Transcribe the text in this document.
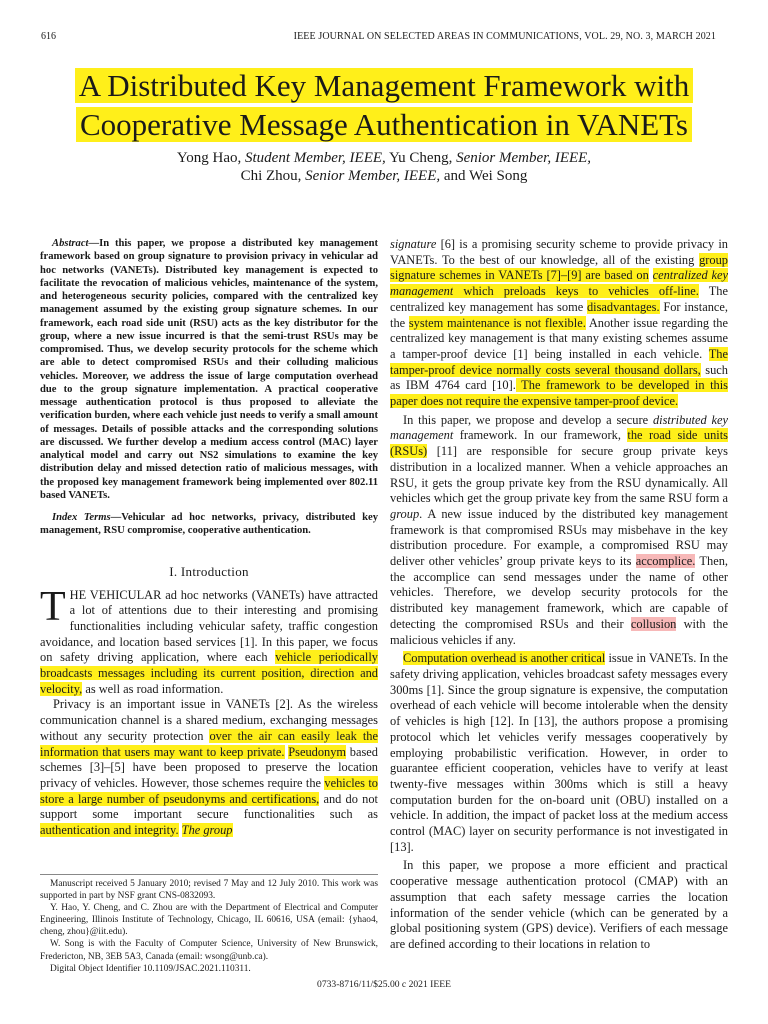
616	IEEE JOURNAL ON SELECTED AREAS IN COMMUNICATIONS, VOL. 29, NO. 3, MARCH 2021
A Distributed Key Management Framework with
Cooperative Message Authentication in VANETs
Yong Hao, Student Member, IEEE, Yu Cheng, Senior Member, IEEE,
Chi Zhou, Senior Member, IEEE, and Wei Song

Abstract—In this paper, we propose a distributed key management framework based on group signature to provision privacy in vehicular ad hoc networks (VANETs). Distributed key management is expected to facilitate the revocation of malicious vehicles, maintenance of the system, and heterogeneous security policies, compared with the centralized key management assumed by the existing group signature schemes. In our framework, each road side unit (RSU) acts as the key distributor for the group, where a new issue incurred is that the semi-trust RSUs may be compromised. Thus, we develop security protocols for the scheme which are able to detect compromised RSUs and their colluding malicious vehicles. Moreover, we address the issue of large computation overhead due to the group signature implementation. A practical cooperative message authentication protocol is thus proposed to alleviate the verification burden, where each vehicle just needs to verify a small amount of messages. Details of possible attacks and the corresponding solutions are discussed. We further develop a medium access control (MAC) layer analytical model and carry out NS2 simulations to examine the key distribution delay and missed detection ratio of malicious messages, with the proposed key management framework being implemented over 802.11 based VANETs.

Index Terms—Vehicular ad hoc networks, privacy, distributed key management, RSU compromise, cooperative authentication.

I. Introduction

THE VEHICULAR ad hoc networks (VANETs) have attracted a lot of attentions due to their interesting and promising functionalities including vehicular safety, traffic congestion avoidance, and location based services [1]. In this paper, we focus on safety driving application, where each vehicle periodically broadcasts messages including its current position, direction and velocity, as well as road information.

Privacy is an important issue in VANETs [2]. As the wireless communication channel is a shared medium, exchanging messages without any security protection over the air can easily leak the information that users may want to keep private. Pseudonym based schemes [3]–[5] have been proposed to preserve the location privacy of vehicles. However, those schemes require the vehicles to store a large number of pseudonyms and certifications, and do not support some important secure functionalities such as authentication and integrity. The group

Manuscript received 5 January 2010; revised 7 May and 12 July 2010. This work was supported in part by NSF grant CNS-0832093.

Y. Hao, Y. Cheng, and C. Zhou are with the Department of Electrical and Computer Engineering, Illinois Institute of Technology, Chicago, IL 60616, USA (email: {yhao4, cheng, zhou}@iit.edu).

W. Song is with the Faculty of Computer Science, University of New Brunswick, Fredericton, NB, 3EB 5A3, Canada (email: wsong@unb.ca).

Digital Object Identifier 10.1109/JSAC.2021.110311.

signature [6] is a promising security scheme to provide privacy in VANETs. To the best of our knowledge, all of the existing group signature schemes in VANETs [7]–[9] are based on centralized key management which preloads keys to vehicles off-line. The centralized key management has some disadvantages. For instance, the system maintenance is not flexible. Another issue regarding the centralized key management is that many existing schemes assume a tamper-proof device [1] being installed in each vehicle. The tamper-proof device normally costs several thousand dollars, such as IBM 4764 card [10]. The framework to be developed in this paper does not require the expensive tamper-proof device.

In this paper, we propose and develop a secure distributed key management framework. In our framework, the road side units (RSUs) [11] are responsible for secure group private keys distribution in a localized manner. When a vehicle approaches an RSU, it gets the group private key from the RSU dynamically. All vehicles which get the group private key from the same RSU form a group. A new issue induced by the distributed key management framework is that compromised RSUs may misbehave in the key distribution procedure. For example, a compromised RSU may deliver other vehicles’ group private keys to its accomplice. Then, the accomplice can send messages under the name of other vehicles. Therefore, we develop security protocols for the distributed key management framework, which are capable of detecting the compromised RSUs and their collusion with the malicious vehicles if any.

Computation overhead is another critical issue in VANETs. In the safety driving application, vehicles broadcast safety messages every 300ms [1]. Since the group signature is expensive, the computation overhead of each vehicle will become intolerable when the density of vehicles is high [12]. In [13], the authors propose a promising protocol which let vehicles verify messages cooperatively by employing probabilistic verification. However, in order to guarantee efficient cooperation, vehicles have to verify at least twenty-five messages within 300ms which is still a heavy computation burden for the on-board unit (OBU) installed on a vehicle. In addition, the impact of packet loss at the medium access control (MAC) layer on security performance is not investigated in [13].

In this paper, we propose a more efficient and practical cooperative message authentication protocol (CMAP) with an assumption that each safety message carries the location information of the sender vehicle (which can be generated by a global positioning system (GPS) device). Verifiers of each message are defined according to their locations in relation to

0733-8716/11/$25.00 c 2021 IEEE
